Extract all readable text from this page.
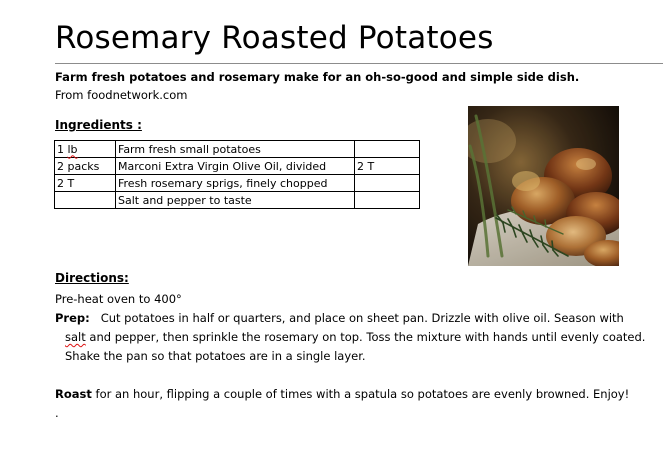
Rosemary Roasted Potatoes
Farm fresh potatoes and rosemary make for an oh-so-good and simple side dish.
From foodnetwork.com
Ingredients :
1 lb	Farm fresh small potatoes	
2 packs	Marconi Extra Virgin Olive Oil, divided	2 T
2 T	Fresh rosemary sprigs, finely chopped	
	Salt and pepper to taste	
Directions:
Pre-heat oven to 400°
Prep: Cut potatoes in half or quarters, and place on sheet pan. Drizzle with olive oil. Season with
salt and pepper, then sprinkle the rosemary on top. Toss the mixture with hands until evenly coated.
Shake the pan so that potatoes are in a single layer.
Roast for an hour, flipping a couple of times with a spatula so potatoes are evenly browned. Enjoy!
.
